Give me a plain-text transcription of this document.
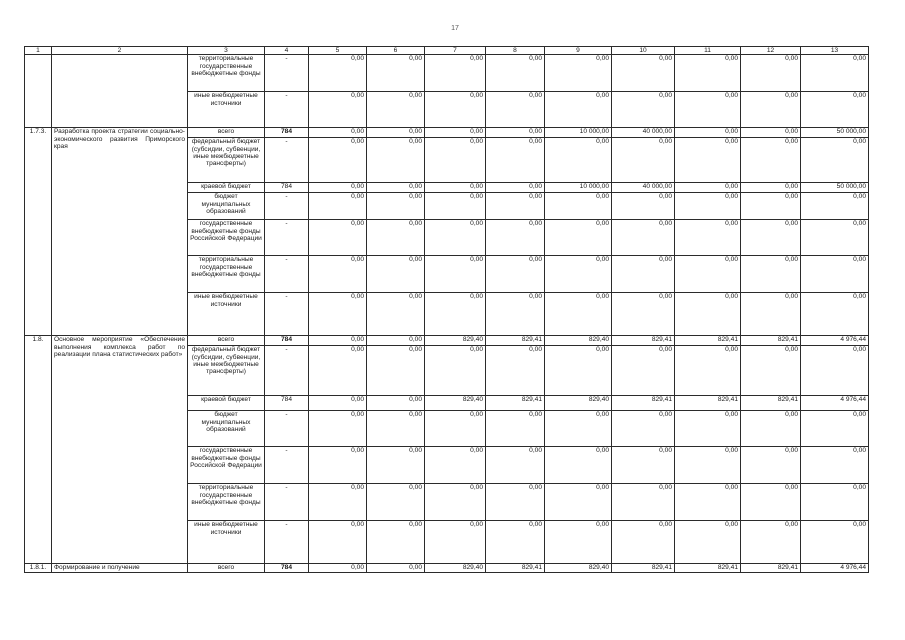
17
1	2	3	4	5	6	7	8	9	10	11	12	13
		территориальные государственные внебюджетные фонды	-	0,00	0,00	0,00	0,00	0,00	0,00	0,00	0,00	0,00
		иные внебюджетные источники	-	0,00	0,00	0,00	0,00	0,00	0,00	0,00	0,00	0,00
1.7.3.	Разработка проекта стратегии социально-экономического развития Приморского края	всего	784	0,00	0,00	0,00	0,00	10 000,00	40 000,00	0,00	0,00	50 000,00
		федеральный бюджет (субсидии, субвенции, иные межбюджетные трансферты)	-	0,00	0,00	0,00	0,00	0,00	0,00	0,00	0,00	0,00
		краевой бюджет	784	0,00	0,00	0,00	0,00	10 000,00	40 000,00	0,00	0,00	50 000,00
		бюджет муниципальных образований	-	0,00	0,00	0,00	0,00	0,00	0,00	0,00	0,00	0,00
		государственные внебюджетные фонды Российской Федерации	-	0,00	0,00	0,00	0,00	0,00	0,00	0,00	0,00	0,00
		территориальные государственные внебюджетные фонды	-	0,00	0,00	0,00	0,00	0,00	0,00	0,00	0,00	0,00
		иные внебюджетные источники	-	0,00	0,00	0,00	0,00	0,00	0,00	0,00	0,00	0,00
1.8.	Основное мероприятие «Обеспечение выполнения комплекса работ по реализации плана статистических работ»	всего	784	0,00	0,00	829,40	829,41	829,40	829,41	829,41	829,41	4 976,44
		федеральный бюджет (субсидии, субвенции, иные межбюджетные трансферты)	-	0,00	0,00	0,00	0,00	0,00	0,00	0,00	0,00	0,00
		краевой бюджет	784	0,00	0,00	829,40	829,41	829,40	829,41	829,41	829,41	4 976,44
		бюджет муниципальных образований	-	0,00	0,00	0,00	0,00	0,00	0,00	0,00	0,00	0,00
		государственные внебюджетные фонды Российской Федерации	-	0,00	0,00	0,00	0,00	0,00	0,00	0,00	0,00	0,00
		территориальные государственные внебюджетные фонды	-	0,00	0,00	0,00	0,00	0,00	0,00	0,00	0,00	0,00
		иные внебюджетные источники	-	0,00	0,00	0,00	0,00	0,00	0,00	0,00	0,00	0,00
1.8.1.	Формирование и получение	всего	784	0,00	0,00	829,40	829,41	829,40	829,41	829,41	829,41	4 976,44
